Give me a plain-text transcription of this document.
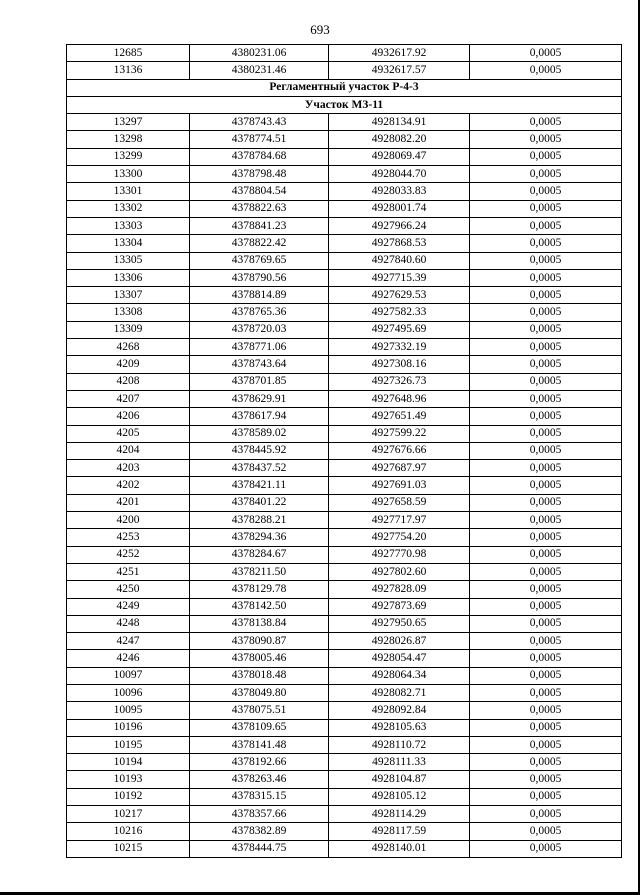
693
12685	4380231.06	4932617.92	0,0005
13136	4380231.46	4932617.57	0,0005
Регламентный участок Р-4-3			
Участок МЗ-11			
13297	4378743.43	4928134.91	0,0005
13298	4378774.51	4928082.20	0,0005
13299	4378784.68	4928069.47	0,0005
13300	4378798.48	4928044.70	0,0005
13301	4378804.54	4928033.83	0,0005
13302	4378822.63	4928001.74	0,0005
13303	4378841.23	4927966.24	0,0005
13304	4378822.42	4927868.53	0,0005
13305	4378769.65	4927840.60	0,0005
13306	4378790.56	4927715.39	0,0005
13307	4378814.89	4927629.53	0,0005
13308	4378765.36	4927582.33	0,0005
13309	4378720.03	4927495.69	0,0005
4268	4378771.06	4927332.19	0,0005
4209	4378743.64	4927308.16	0,0005
4208	4378701.85	4927326.73	0,0005
4207	4378629.91	4927648.96	0,0005
4206	4378617.94	4927651.49	0,0005
4205	4378589.02	4927599.22	0,0005
4204	4378445.92	4927676.66	0,0005
4203	4378437.52	4927687.97	0,0005
4202	4378421.11	4927691.03	0,0005
4201	4378401.22	4927658.59	0,0005
4200	4378288.21	4927717.97	0,0005
4253	4378294.36	4927754.20	0,0005
4252	4378284.67	4927770.98	0,0005
4251	4378211.50	4927802.60	0,0005
4250	4378129.78	4927828.09	0,0005
4249	4378142.50	4927873.69	0,0005
4248	4378138.84	4927950.65	0,0005
4247	4378090.87	4928026.87	0,0005
4246	4378005.46	4928054.47	0,0005
10097	4378018.48	4928064.34	0,0005
10096	4378049.80	4928082.71	0,0005
10095	4378075.51	4928092.84	0,0005
10196	4378109.65	4928105.63	0,0005
10195	4378141.48	4928110.72	0,0005
10194	4378192.66	4928111.33	0,0005
10193	4378263.46	4928104.87	0,0005
10192	4378315.15	4928105.12	0,0005
10217	4378357.66	4928114.29	0,0005
10216	4378382.89	4928117.59	0,0005
10215	4378444.75	4928140.01	0,0005
